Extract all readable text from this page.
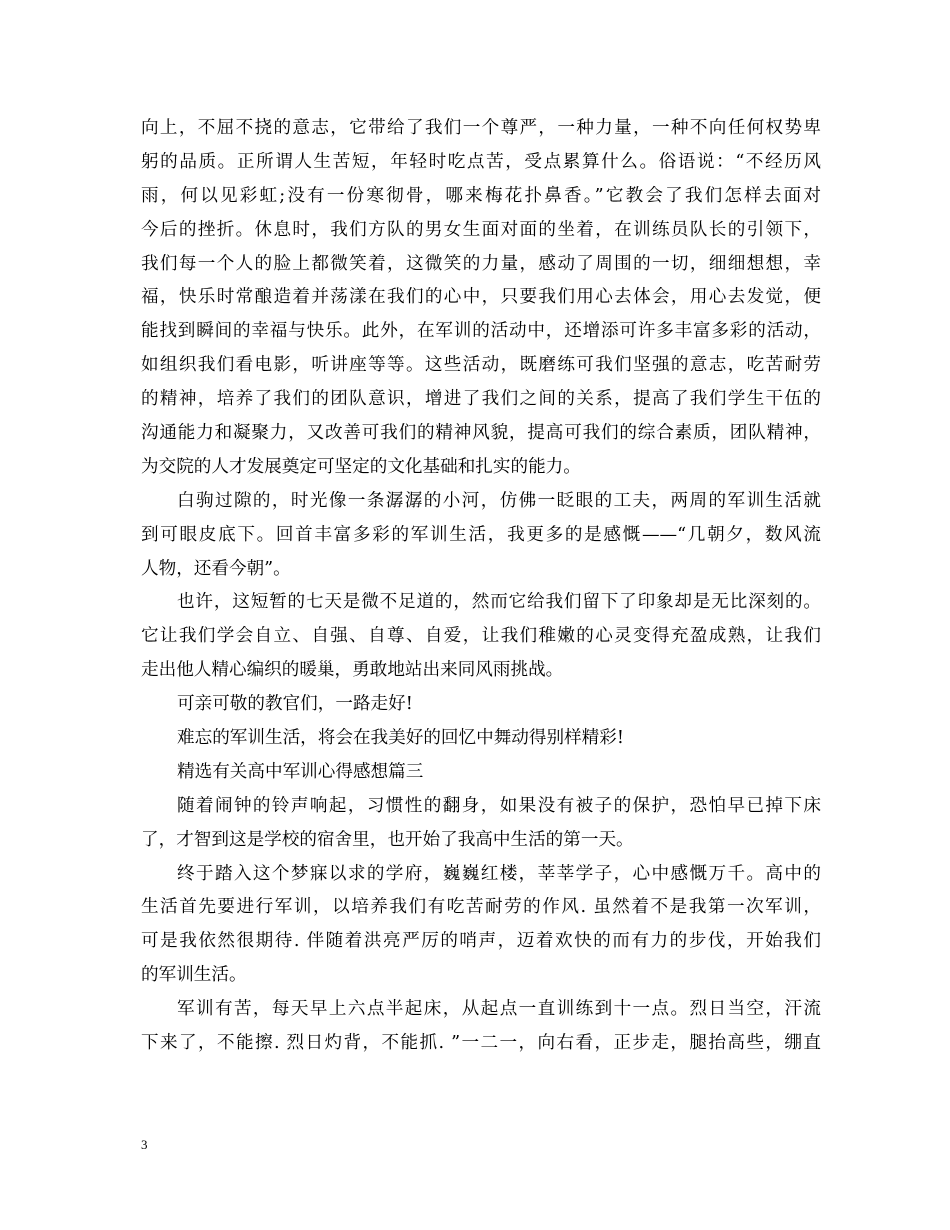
向上，不屈不挠的意志，它带给了我们一个尊严，一种力量，一种不向任何权势卑
躬的品质。正所谓人生苦短，年轻时吃点苦，受点累算什么。俗语说：“不经历风
雨，何以见彩虹;没有一份寒彻骨，哪来梅花扑鼻香。”它教会了我们怎样去面对
今后的挫折。休息时，我们方队的男女生面对面的坐着，在训练员队长的引领下，
我们每一个人的脸上都微笑着，这微笑的力量，感动了周围的一切，细细想想，幸
福，快乐时常酿造着并荡漾在我们的心中，只要我们用心去体会，用心去发觉，便
能找到瞬间的幸福与快乐。此外，在军训的活动中，还增添可许多丰富多彩的活动，
如组织我们看电影，听讲座等等。这些活动，既磨练可我们坚强的意志，吃苦耐劳
的精神，培养了我们的团队意识，增进了我们之间的关系，提高了我们学生干伍的
沟通能力和凝聚力，又改善可我们的精神风貌，提高可我们的综合素质，团队精神，
为交院的人才发展奠定可坚定的文化基础和扎实的能力。
白驹过隙的，时光像一条潺潺的小河，仿佛一眨眼的工夫，两周的军训生活就
到可眼皮底下。回首丰富多彩的军训生活，我更多的是感慨——“几朝夕，数风流
人物，还看今朝”。
也许，这短暂的七天是微不足道的，然而它给我们留下了印象却是无比深刻的。
它让我们学会自立、自强、自尊、自爱，让我们稚嫩的心灵变得充盈成熟，让我们
走出他人精心编织的暖巢，勇敢地站出来同风雨挑战。
可亲可敬的教官们，一路走好!
难忘的军训生活，将会在我美好的回忆中舞动得别样精彩!
精选有关高中军训心得感想篇三
随着闹钟的铃声响起，习惯性的翻身，如果没有被子的保护，恐怕早已掉下床
了，才智到这是学校的宿舍里，也开始了我高中生活的第一天。
终于踏入这个梦寐以求的学府，巍巍红楼，莘莘学子，心中感慨万千。高中的
生活首先要进行军训，以培养我们有吃苦耐劳的作风. 虽然着不是我第一次军训，
可是我依然很期待. 伴随着洪亮严厉的哨声，迈着欢快的而有力的步伐，开始我们
的军训生活。
军训有苦，每天早上六点半起床，从起点一直训练到十一点。烈日当空，汗流
下来了，不能擦. 烈日灼背，不能抓. ”一二一，向右看，正步走，腿抬高些，绷直
3
